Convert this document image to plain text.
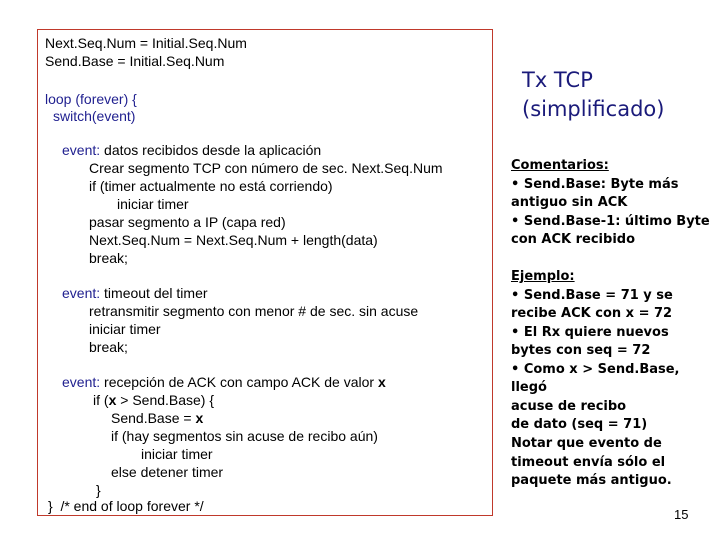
Next.Seq.Num = Initial.Seq.Num
Send.Base = Initial.Seq.Num
loop (forever) {
switch(event)
event: datos recibidos desde la aplicación
Crear segmento TCP con número de sec. Next.Seq.Num
if (timer actualmente no está corriendo)
iniciar timer
pasar segmento a IP (capa red)
Next.Seq.Num = Next.Seq.Num + length(data)
break;
event: timeout del timer
retransmitir segmento con menor # de sec. sin acuse
iniciar timer
break;
event: recepción de ACK con campo ACK de valor x
if (x > Send.Base) {
Send.Base = x
if (hay segmentos sin acuse de recibo aún)
iniciar timer
else detener timer
}
}  /* end of loop forever */
Tx TCP
(simplificado)
Comentarios:
• Send.Base: Byte más
antiguo sin ACK
• Send.Base-1: último Byte
con ACK recibido
Ejemplo:
• Send.Base = 71 y se
recibe ACK con x = 72
• El Rx quiere nuevos
bytes con seq = 72
• Como x > Send.Base, llegó
acuse de recibo
de dato (seq = 71)
Notar que evento de
timeout envía sólo el
paquete más antiguo.
15
